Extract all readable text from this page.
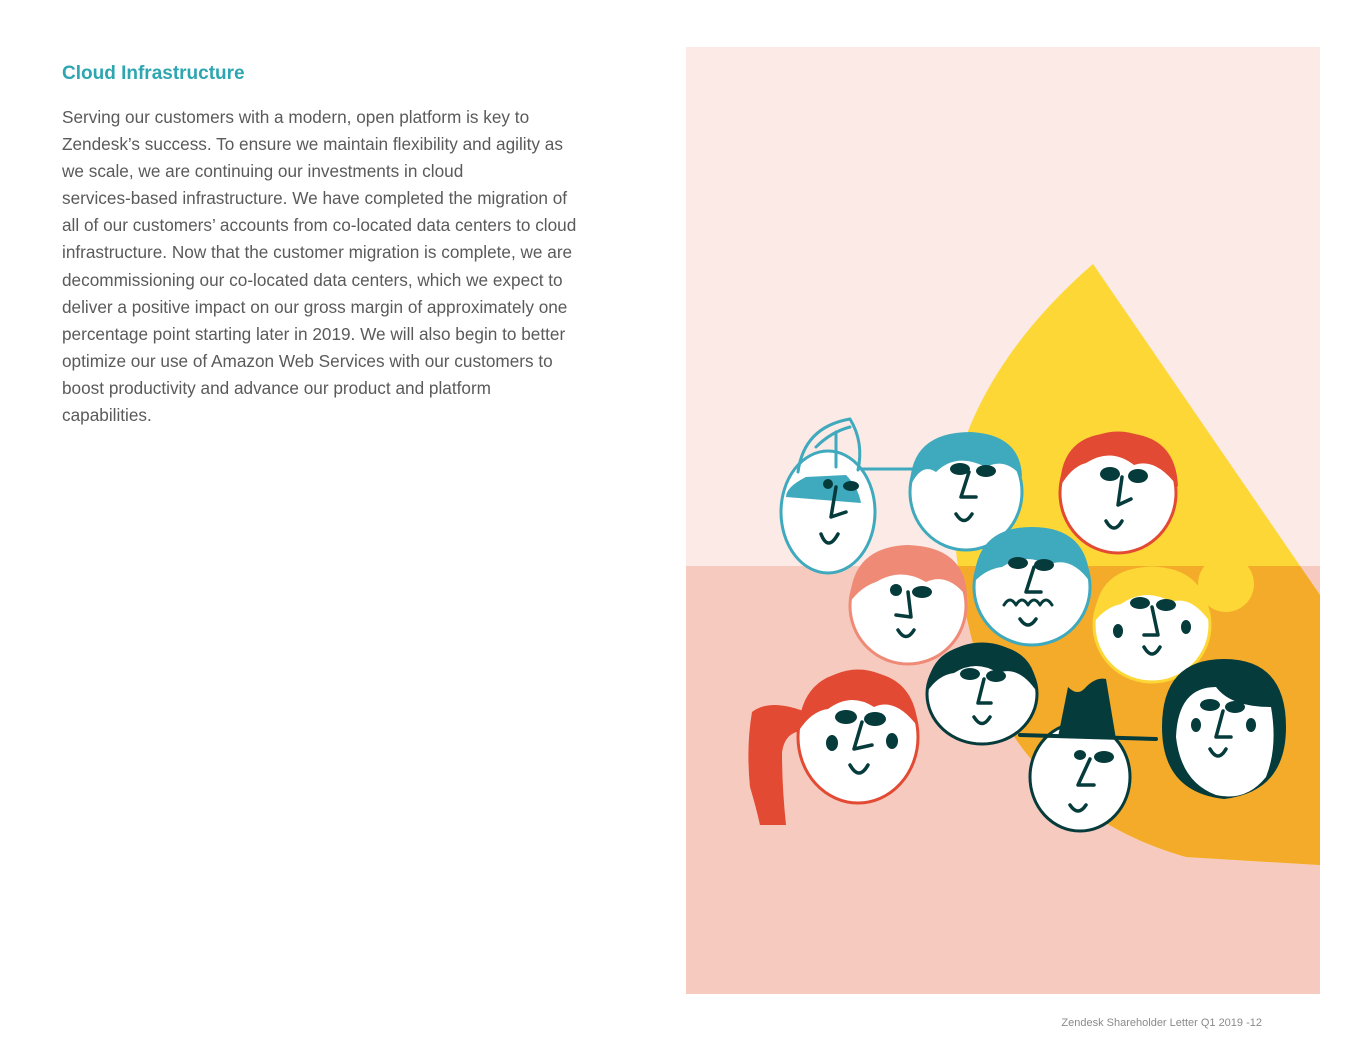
Cloud Infrastructure
Serving our customers with a modern, open platform is key to
Zendesk’s success. To ensure we maintain flexibility and agility as
we scale, we are continuing our investments in cloud
services-based infrastructure. We have completed the migration of
all of our customers’ accounts from co-located data centers to cloud
infrastructure. Now that the customer migration is complete, we are
decommissioning our co-located data centers, which we expect to
deliver a positive impact on our gross margin of approximately one
percentage point starting later in 2019. We will also begin to better
optimize our use of Amazon Web Services with our customers to
boost productivity and advance our product and platform
capabilities.
Zendesk Shareholder Letter Q1 2019 -12
